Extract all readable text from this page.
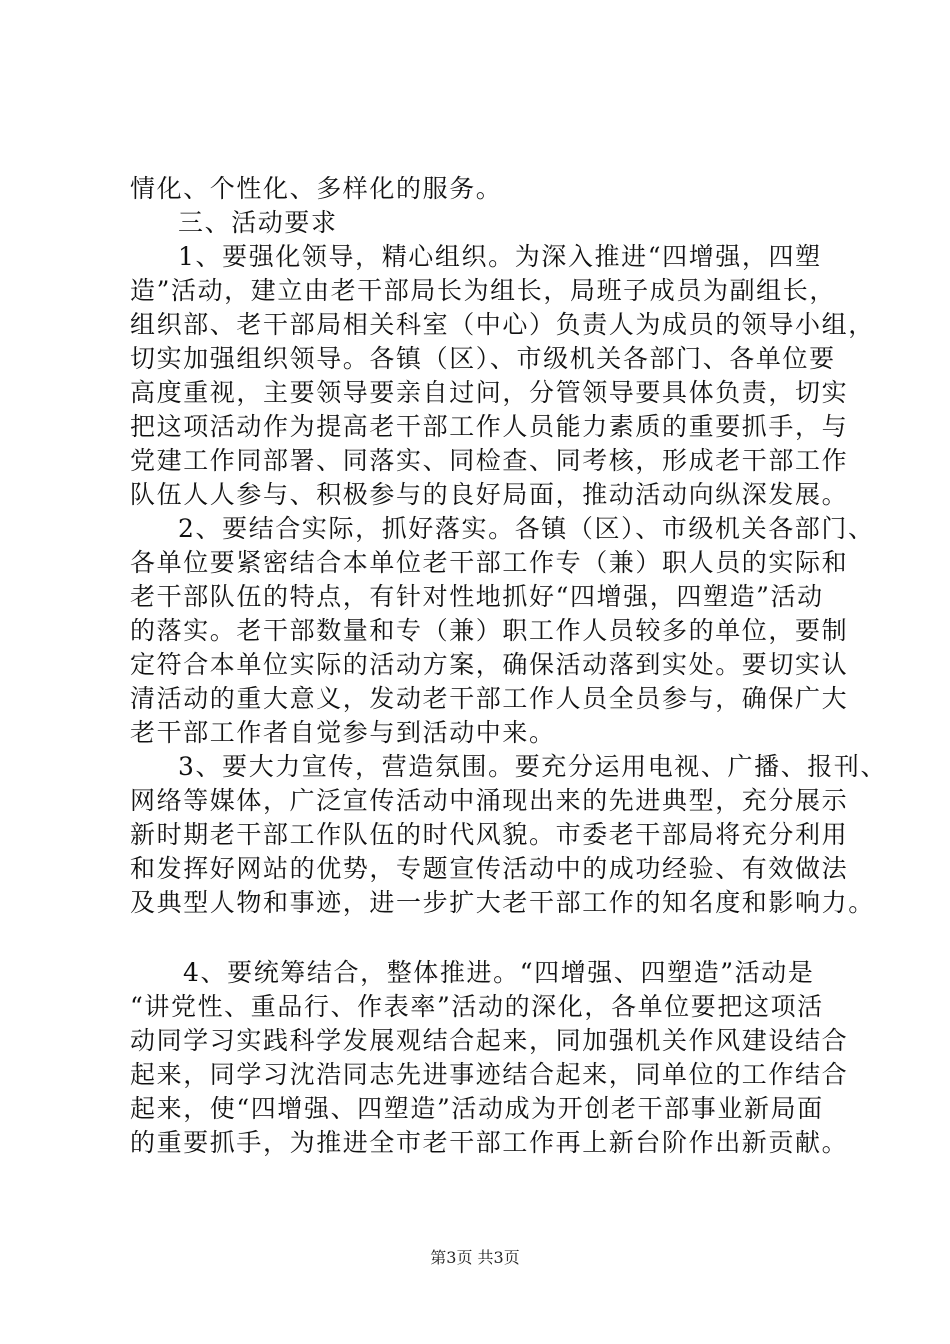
情化、个性化、多样化的服务。
三、活动要求
1、要强化领导，精心组织。为深入推进“四增强，四塑
造”活动，建立由老干部局长为组长，局班子成员为副组长，
组织部、老干部局相关科室（中心）负责人为成员的领导小组，
切实加强组织领导。各镇（区）、市级机关各部门、各单位要
高度重视，主要领导要亲自过问，分管领导要具体负责，切实
把这项活动作为提高老干部工作人员能力素质的重要抓手，与
党建工作同部署、同落实、同检查、同考核，形成老干部工作
队伍人人参与、积极参与的良好局面，推动活动向纵深发展。
2、要结合实际，抓好落实。各镇（区）、市级机关各部门、
各单位要紧密结合本单位老干部工作专（兼）职人员的实际和
老干部队伍的特点，有针对性地抓好“四增强，四塑造”活动
的落实。老干部数量和专（兼）职工作人员较多的单位，要制
定符合本单位实际的活动方案，确保活动落到实处。要切实认
清活动的重大意义，发动老干部工作人员全员参与，确保广大
老干部工作者自觉参与到活动中来。
3、要大力宣传，营造氛围。要充分运用电视、广播、报刊、
网络等媒体，广泛宣传活动中涌现出来的先进典型，充分展示
新时期老干部工作队伍的时代风貌。市委老干部局将充分利用
和发挥好网站的优势，专题宣传活动中的成功经验、有效做法
及典型人物和事迹，进一步扩大老干部工作的知名度和影响力。
4、要统筹结合，整体推进。“四增强、四塑造”活动是
“讲党性、重品行、作表率”活动的深化，各单位要把这项活
动同学习实践科学发展观结合起来，同加强机关作风建设结合
起来，同学习沈浩同志先进事迹结合起来，同单位的工作结合
起来，使“四增强、四塑造”活动成为开创老干部事业新局面
的重要抓手，为推进全市老干部工作再上新台阶作出新贡献。
第3页 共3页
